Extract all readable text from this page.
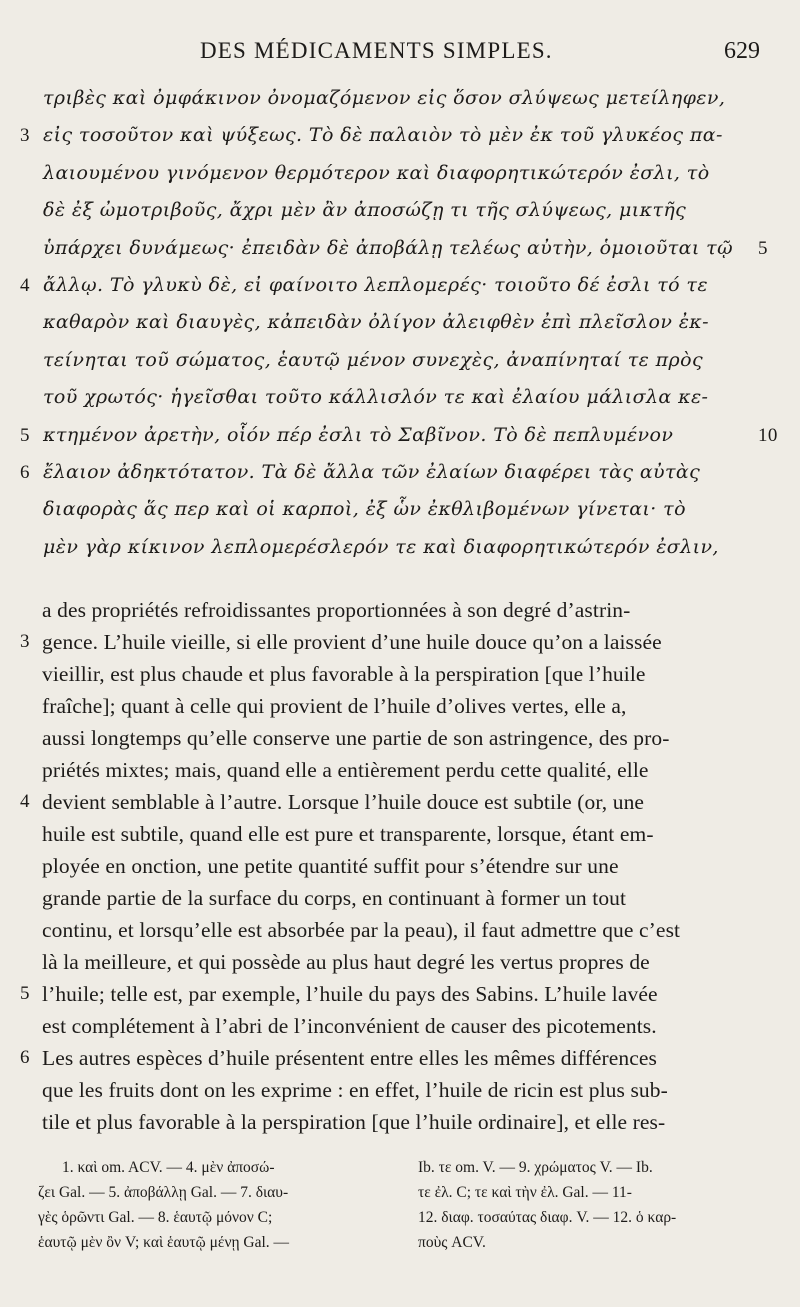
DES MÉDICAMENTS SIMPLES.	629
τριβὲς καὶ ὀμφάκινον ὀνομαζόμενον εἰς ὅσον σλύψεως μετείληφεν,
εἰς τοσοῦτον καὶ ψύξεως. Τὸ δὲ παλαιὸν τὸ μὲν ἐκ τοῦ γλυκέος πα-
3
λαιουμένου γινόμενον θερμότερον καὶ διαφορητικώτερόν ἐσλι, τὸ
δὲ ἐξ ὠμοτριβοῦς, ἄχρι μὲν ἂν ἀποσώζῃ τι τῆς σλύψεως, μικτῆς
ὑπάρχει δυνάμεως· ἐπειδὰν δὲ ἀποβάλῃ τελέως αὐτὴν, ὁμοιοῦται τῷ 5
ἄλλῳ. Τὸ γλυκὺ δὲ, εἰ φαίνοιτο λεπλομερές· τοιοῦτο δέ ἐσλι τό τε
4
καθαρὸν καὶ διαυγὲς, κἀπειδὰν ὀλίγον ἀλειφθὲν ἐπὶ πλεῖσλον ἐκ-
τείνηται τοῦ σώματος, ἑαυτῷ μένον συνεχὲς, ἀναπίνηταί τε πρὸς
τοῦ χρωτός· ἡγεῖσθαι τοῦτο κάλλισλόν τε καὶ ἐλαίου μάλισλα κε-
κτημένον ἀρετὴν, οἷόν πέρ ἐσλι τὸ Σαβῖνον. Τὸ δὲ πεπλυμένον
5	10
ἔλαιον ἀδηκτότατον. Τὰ δὲ ἄλλα τῶν ἐλαίων διαφέρει τὰς αὐτὰς
6
διαφορὰς ἅς περ καὶ οἱ καρποὶ, ἐξ ὧν ἐκθλιβομένων γίνεται· τὸ
μὲν γὰρ κίκινον λεπλομερέσλερόν τε καὶ διαφορητικώτερόν ἐσλιν,
a des propriétés refroidissantes proportionnées à son degré d’astrin-
gence. L’huile vieille, si elle provient d’une huile douce qu’on a laissée
3
vieillir, est plus chaude et plus favorable à la perspiration [que l’huile
fraîche]; quant à celle qui provient de l’huile d’olives vertes, elle a,
aussi longtemps qu’elle conserve une partie de son astringence, des pro-
priétés mixtes; mais, quand elle a entièrement perdu cette qualité, elle
devient semblable à l’autre. Lorsque l’huile douce est subtile (or, une
4
huile est subtile, quand elle est pure et transparente, lorsque, étant em-
ployée en onction, une petite quantité suffit pour s’étendre sur une
grande partie de la surface du corps, en continuant à former un tout
continu, et lorsqu’elle est absorbée par la peau), il faut admettre que c’est
là la meilleure, et qui possède au plus haut degré les vertus propres de
l’huile; telle est, par exemple, l’huile du pays des Sabins. L’huile lavée
5
est complétement à l’abri de l’inconvénient de causer des picotements.
Les autres espèces d’huile présentent entre elles les mêmes différences
6
que les fruits dont on les exprime : en effet, l’huile de ricin est plus sub-
tile et plus favorable à la perspiration [que l’huile ordinaire], et elle res-
1. καὶ om. ACV. — 4. μὲν ἀποσώ-
ζει Gal. — 5. ἀποβάλλῃ Gal. — 7. διαυ-
γὲς ὁρῶντι Gal. — 8. ἑαυτῷ μόνον C;
ἑαυτῷ μὲν ὂν V; καὶ ἑαυτῷ μένῃ Gal. —
Ib. τε om. V. — 9. χρώματος V. — Ib.
τε ἐλ. C; τε καὶ τὴν ἐλ. Gal. — 11-
12. διαφ. τοσαύτας διαφ. V. — 12. ὁ καρ-
ποὺς ACV.
